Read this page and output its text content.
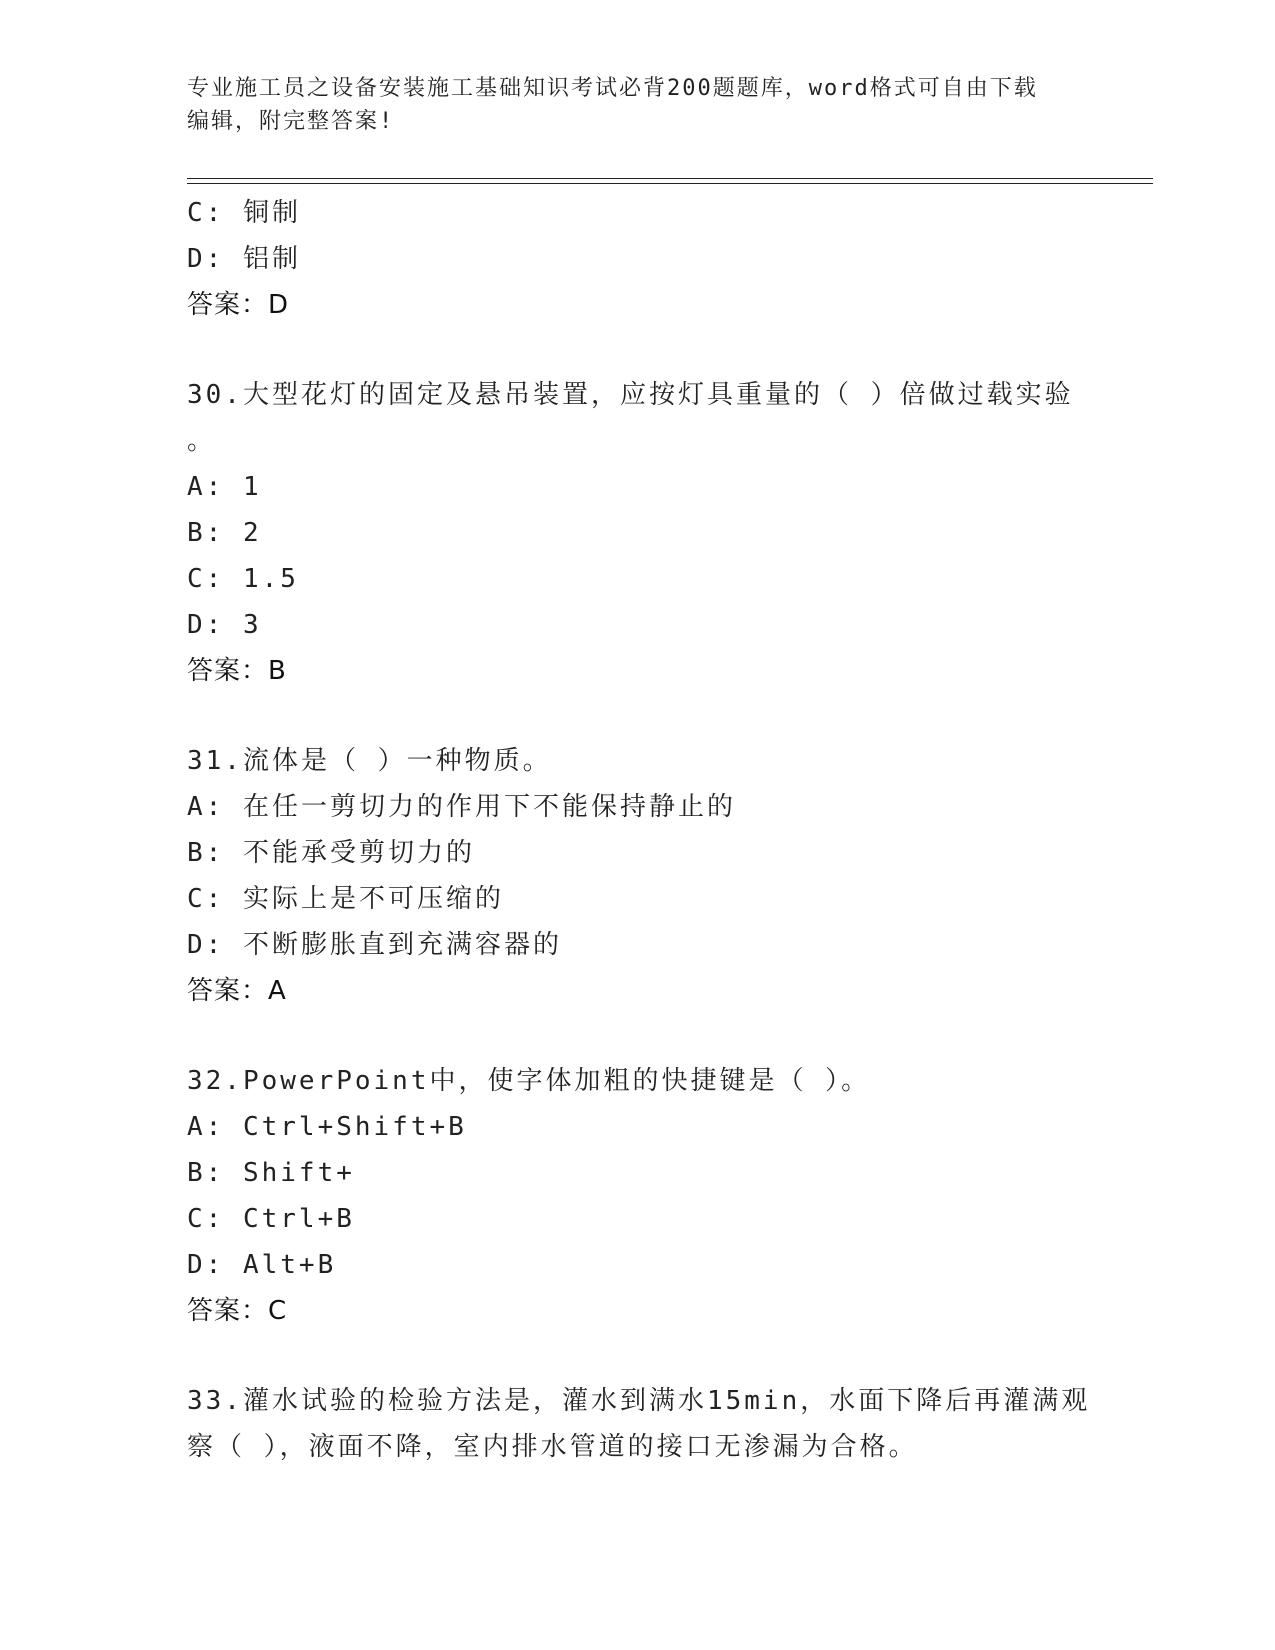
专业施工员之设备安装施工基础知识考试必背200题题库，word格式可自由下载
编辑，附完整答案!
C: 铜制
D: 铝制
答案：D
30.大型花灯的固定及悬吊装置，应按灯具重量的（ ）倍做过载实验
。
A: 1
B: 2
C: 1.5
D: 3
答案：B
31.流体是（ ）一种物质。
A: 在任一剪切力的作用下不能保持静止的
B: 不能承受剪切力的
C: 实际上是不可压缩的
D: 不断膨胀直到充满容器的
答案：A
32.PowerPoint中，使字体加粗的快捷键是（ ）。
A: Ctrl+Shift+B
B: Shift+
C: Ctrl+B
D: Alt+B
答案：C
33.灌水试验的检验方法是，灌水到满水15min，水面下降后再灌满观
察（ ），液面不降，室内排水管道的接口无渗漏为合格。
